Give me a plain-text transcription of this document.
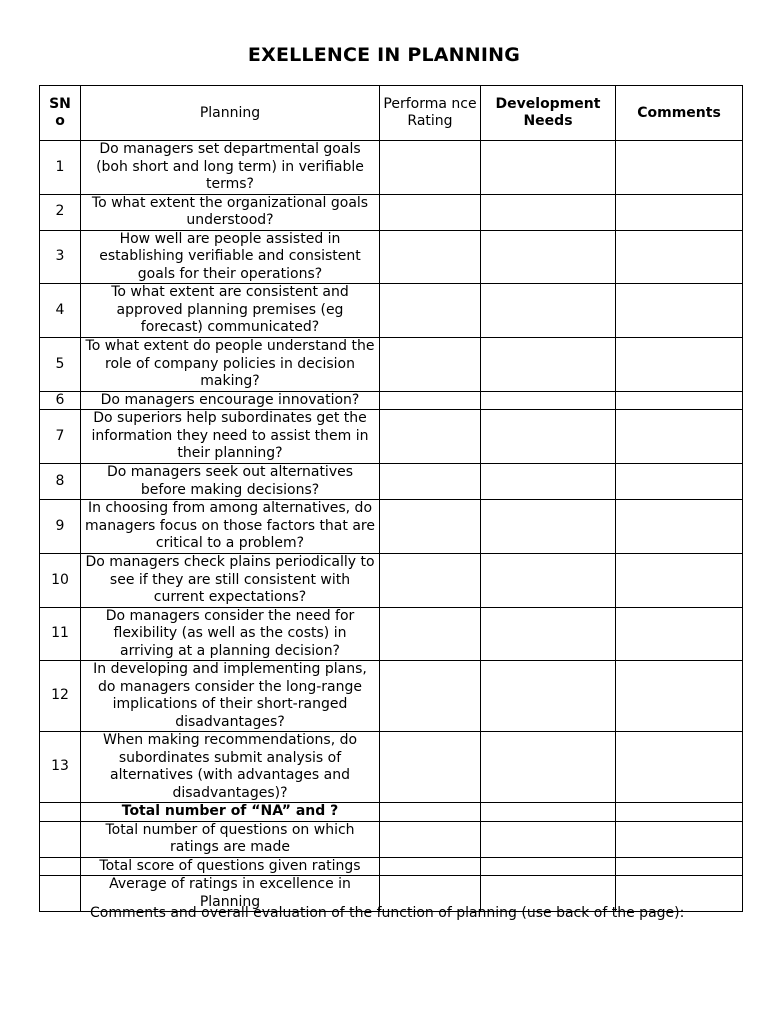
EXELLENCE IN PLANNING
SN o	Planning	Performa nce Rating	Development Needs	Comments
1	Do managers set departmental goals (boh short and long term) in verifiable terms?			
2	To what extent the organizational goals understood?			
3	How well are people assisted in establishing verifiable and consistent goals for their operations?			
4	To what extent are consistent and approved planning premises (eg forecast) communicated?			
5	To what extent do people understand the role of company policies in decision making?			
6	Do managers encourage innovation?			
7	Do superiors help subordinates get the information they need to assist them in their planning?			
8	Do managers seek out alternatives before making decisions?			
9	In choosing from among alternatives, do managers focus on those factors that are critical to a problem?			
10	Do managers check plains periodically to see if they are still consistent with current expectations?			
11	Do managers consider the need for flexibility (as well as the costs) in arriving at a planning decision?			
12	In developing and implementing plans, do managers consider the long-range implications of their short-ranged disadvantages?			
13	When making recommendations, do subordinates submit analysis of alternatives (with advantages and disadvantages)?			
	Total number of “NA” and ?			
	Total number of questions on which ratings are made			
	Total score of questions given ratings			
	Average of ratings in excellence in Planning			
Comments and overall evaluation of the function of planning (use back of the page):
